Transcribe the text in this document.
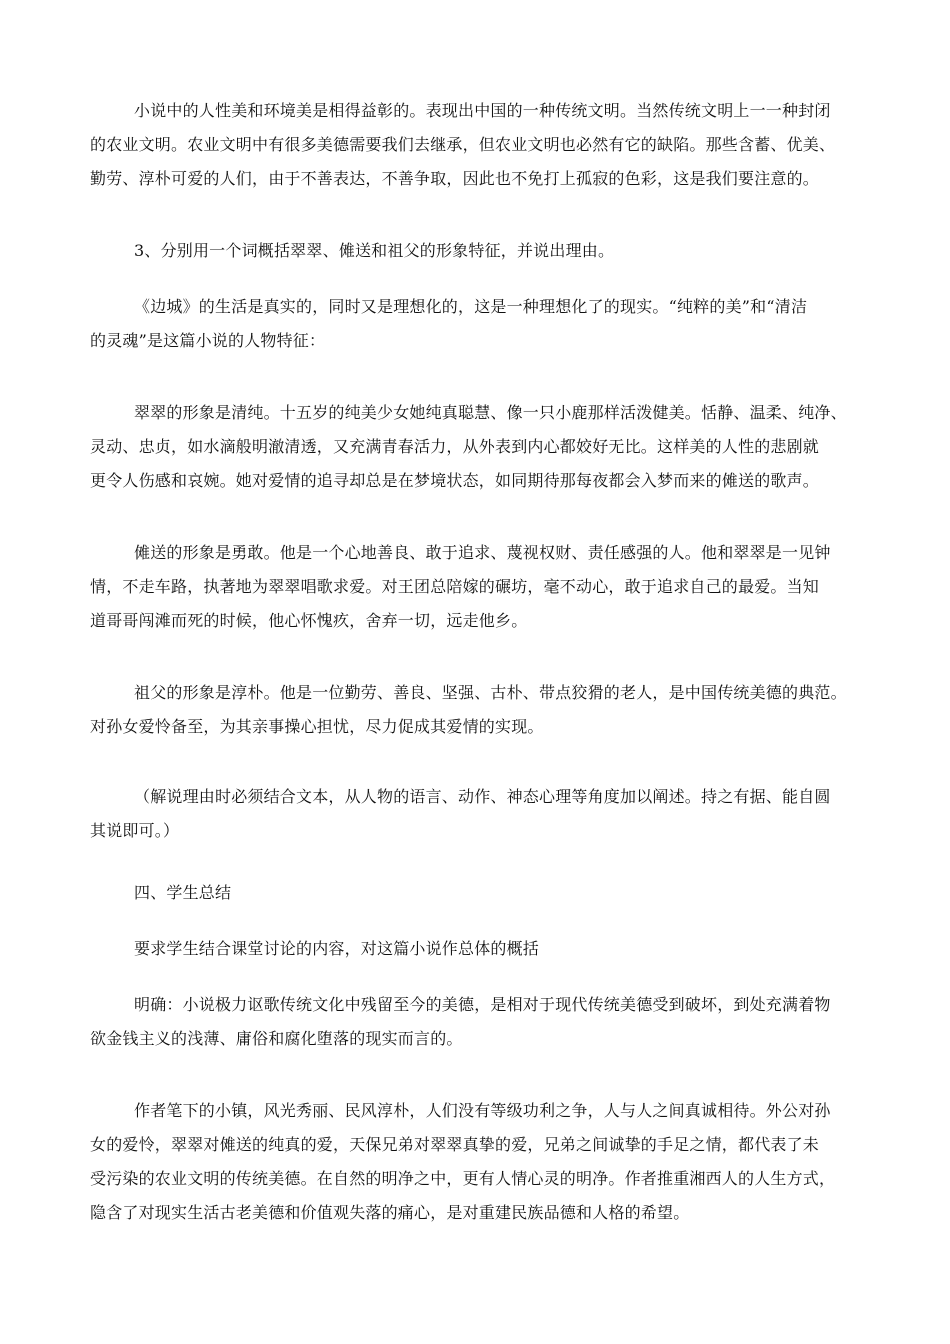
小说中的人性美和环境美是相得益彰的。表现出中国的一种传统文明。当然传统文明上一一种封闭
的农业文明。农业文明中有很多美德需要我们去继承，但农业文明也必然有它的缺陷。那些含蓄、优美、
勤劳、淳朴可爱的人们，由于不善表达，不善争取，因此也不免打上孤寂的色彩，这是我们要注意的。
3、分别用一个词概括翠翠、傩送和祖父的形象特征，并说出理由。
《边城》的生活是真实的，同时又是理想化的，这是一种理想化了的现实。“纯粹的美”和“清洁
的灵魂”是这篇小说的人物特征：
翠翠的形象是清纯。十五岁的纯美少女她纯真聪慧、像一只小鹿那样活泼健美。恬静、温柔、纯净、
灵动、忠贞，如水滴般明澈清透，又充满青春活力，从外表到内心都姣好无比。这样美的人性的悲剧就
更令人伤感和哀婉。她对爱情的追寻却总是在梦境状态，如同期待那每夜都会入梦而来的傩送的歌声。
傩送的形象是勇敢。他是一个心地善良、敢于追求、蔑视权财、责任感强的人。他和翠翠是一见钟
情，不走车路，执著地为翠翠唱歌求爱。对王团总陪嫁的碾坊，毫不动心，敢于追求自己的最爱。当知
道哥哥闯滩而死的时候，他心怀愧疚，舍弃一切，远走他乡。
祖父的形象是淳朴。他是一位勤劳、善良、坚强、古朴、带点狡猾的老人，是中国传统美德的典范。
对孙女爱怜备至，为其亲事操心担忧，尽力促成其爱情的实现。
（解说理由时必须结合文本，从人物的语言、动作、神态心理等角度加以阐述。持之有据、能自圆
其说即可。）
四、学生总结
要求学生结合课堂讨论的内容，对这篇小说作总体的概括
明确：小说极力讴歌传统文化中残留至今的美德，是相对于现代传统美德受到破坏，到处充满着物
欲金钱主义的浅薄、庸俗和腐化堕落的现实而言的。
作者笔下的小镇，风光秀丽、民风淳朴，人们没有等级功利之争，人与人之间真诚相待。外公对孙
女的爱怜，翠翠对傩送的纯真的爱，天保兄弟对翠翠真挚的爱，兄弟之间诚挚的手足之情，都代表了未
受污染的农业文明的传统美德。在自然的明净之中，更有人情心灵的明净。作者推重湘西人的人生方式，
隐含了对现实生活古老美德和价值观失落的痛心，是对重建民族品德和人格的希望。
